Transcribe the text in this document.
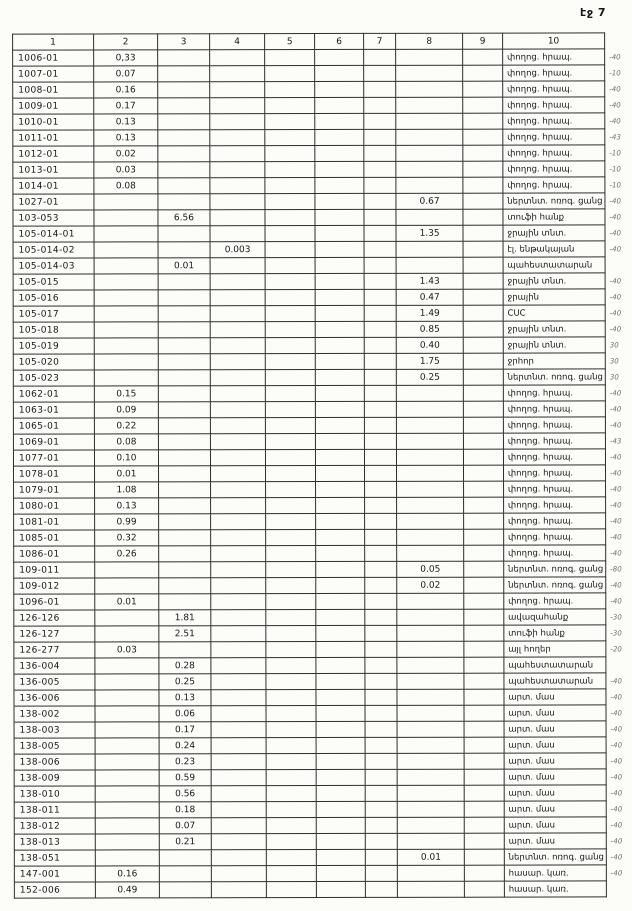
էջ 7
1	2	3	4	5	6	7	8	9	10	
1006-01	0,33								փողոց. հրապ.	-40
1007-01	0.07								փողոց. հրապ.	-10
1008-01	0.16								փողոց. հրապ.	-40
1009-01	0.17								փողոց. հրապ.	-40
1010-01	0.13								փողոց. հրապ.	-40
1011-01	0.13								փողոց. հրապ.	-43
1012-01	0.02								փողոց. հրապ.	-10
1013-01	0.03								փողոց. հրապ.	-10
1014-01	0.08								փողոց. հրապ.	-10
1027-01							0.67		ներտնտ. ոռոգ. ցանց	-40
103-053		6.56							տուֆի հանք	-40
105-014-01							1.35		ջրային տնտ.	-40
105-014-02			0.003						էլ. ենթակայան	-40
105-014-03		0.01							պահեստատարան	
105-015							1.43		ջրային տնտ.	-40
105-016							0.47		ջրային	-40
105-017							1.49		CUC	-40
105-018							0.85		ջրային տնտ.	-40
105-019							0.40		ջրային տնտ.	30
105-020							1.75		ջրհոր	30
105-023							0.25		ներտնտ. ոռոգ. ցանց	30
1062-01	0.15								փողոց. հրապ.	-40
1063-01	0.09								փողոց. հրապ.	-40
1065-01	0.22								փողոց. հրապ.	-40
1069-01	0.08								փողոց. հրապ.	-43
1077-01	0.10								փողոց. հրապ.	-40
1078-01	0.01								փողոց. հրապ.	-40
1079-01	1.08								փողոց. հրապ.	-40
1080-01	0.13								փողոց. հրապ.	-40
1081-01	0.99								փողոց. հրապ.	-40
1085-01	0.32								փողոց. հրապ.	-40
1086-01	0.26								փողոց. հրապ.	-40
109-011							0.05		ներտնտ. ոռոգ. ցանց	-80
109-012							0.02		ներտնտ. ոռոգ. ցանց	-40
1096-01	0.01								փողոց. հրապ.	-40
126-126		1.81							ավազահանք	-30
126-127		2.51							տուֆի հանք	-30
126-277	0.03								այլ հողեր	-20
136-004		0.28							պահեստատարան	
136-005		0.25							պահեստատարան	-40
136-006		0.13							արտ. մաս	-40
138-002		0.06							արտ. մաս	-40
138-003		0.17							արտ. մաս	-40
138-005		0.24							արտ. մաս	-40
138-006		0.23							արտ. մաս	-40
138-009		0.59							արտ. մաս	-40
138-010		0.56							արտ. մաս	-40
138-011		0.18							արտ. մաս	-40
138-012		0.07							արտ. մաս	-40
138-013		0.21							արտ. մաս	-40
138-051							0.01		ներտնտ. ոռոգ. ցանց	-40
147-001	0.16								հասար. կառ.	-40
152-006	0.49								հասար. կառ.	
